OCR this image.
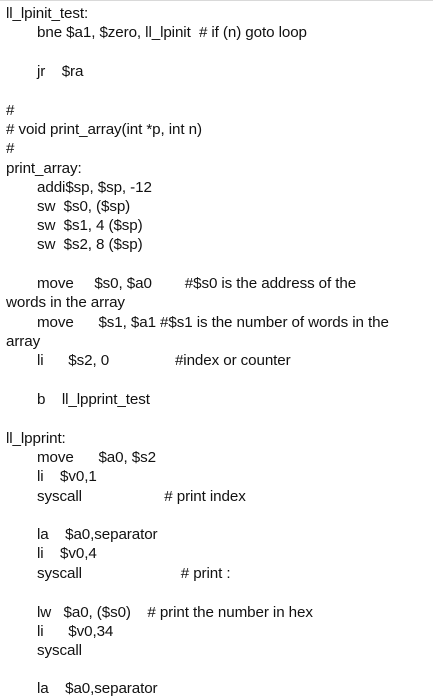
ll_lpinit_test:
bne $a1, $zero, ll_lpinit  # if (n) goto loop
jr    $ra
#
# void print_array(int *p, int n)
#
print_array:
addi$sp, $sp, -12
sw  $s0, ($sp)
sw  $s1, 4 ($sp)
sw  $s2, 8 ($sp)
move     $s0, $a0        #$s0 is the address of the
words in the array
move      $s1, $a1 #$s1 is the number of words in the
array
li      $s2, 0                #index or counter
b    ll_lpprint_test
ll_lpprint:
move      $a0, $s2
li    $v0,1
syscall                    # print index
la    $a0,separator
li    $v0,4
syscall                        # print :
lw   $a0, ($s0)    # print the number in hex
li      $v0,34
syscall
la    $a0,separator
